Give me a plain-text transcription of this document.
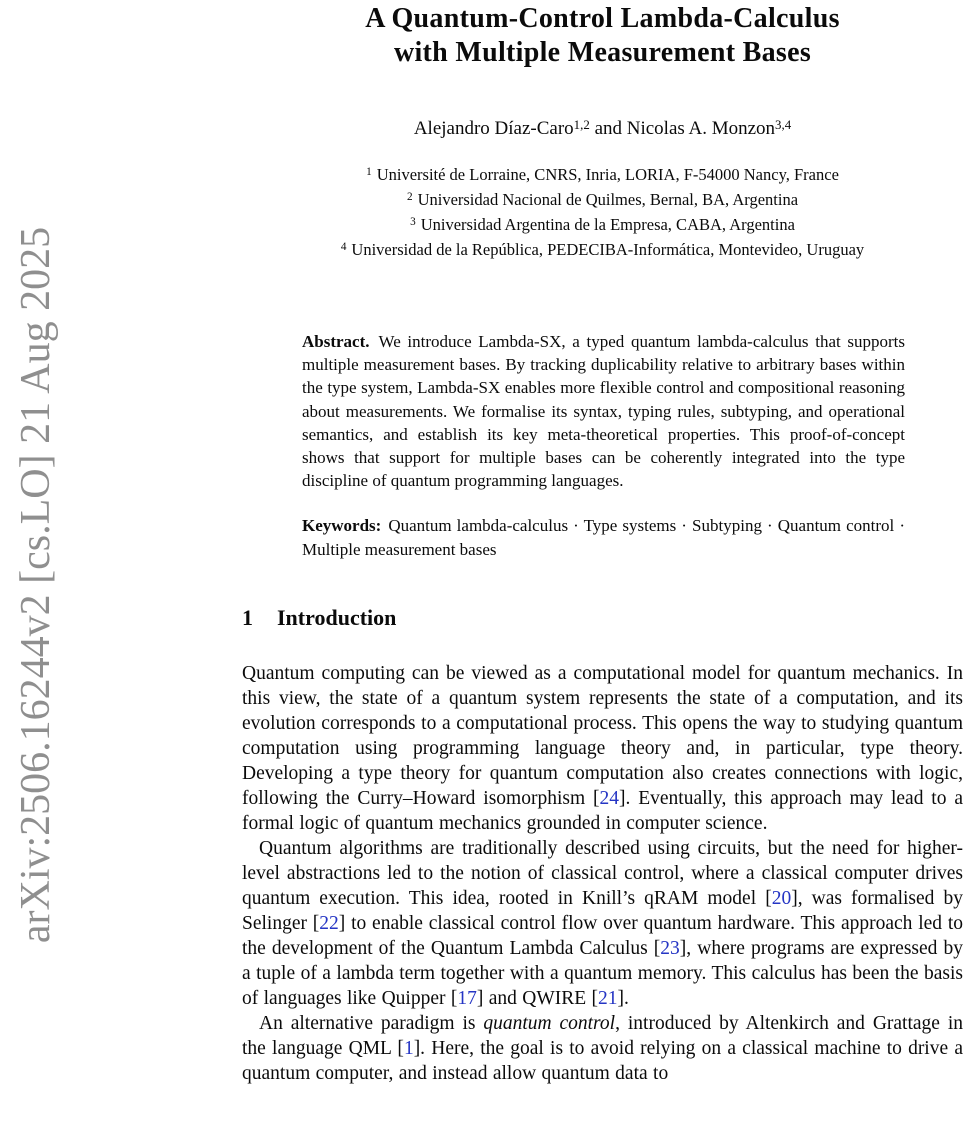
arXiv:2506.16244v2 [cs.LO] 21 Aug 2025
A Quantum-Control Lambda-Calculus
with Multiple Measurement Bases
Alejandro Díaz-Caro$^{1,2}$ and Nicolas A. Monzon$^{3,4}$
$^1$ Université de Lorraine, CNRS, Inria, LORIA, F-54000 Nancy, France
$^2$ Universidad Nacional de Quilmes, Bernal, BA, Argentina
$^3$ Universidad Argentina de la Empresa, CABA, Argentina
$^4$ Universidad de la República, PEDECIBA-Informática, Montevideo, Uruguay
Abstract. We introduce Lambda-SX, a typed quantum lambda-calculus that supports multiple measurement bases. By tracking duplicability relative to arbitrary bases within the type system, Lambda-SX enables more flexible control and compositional reasoning about measurements. We formalise its syntax, typing rules, subtyping, and operational semantics, and establish its key meta-theoretical properties. This proof-of-concept shows that support for multiple bases can be coherently integrated into the type discipline of quantum programming languages.
Keywords: Quantum lambda-calculus · Type systems · Subtyping · Quantum control · Multiple measurement bases
1 Introduction

Quantum computing can be viewed as a computational model for quantum mechanics. In this view, the state of a quantum system represents the state of a computation, and its evolution corresponds to a computational process. This opens the way to studying quantum computation using programming language theory and, in particular, type theory. Developing a type theory for quantum computation also creates connections with logic, following the Curry–Howard isomorphism [24]. Eventually, this approach may lead to a formal logic of quantum mechanics grounded in computer science.

Quantum algorithms are traditionally described using circuits, but the need for higher-level abstractions led to the notion of classical control, where a classical computer drives quantum execution. This idea, rooted in Knill’s qRAM model [20], was formalised by Selinger [22] to enable classical control flow over quantum hardware. This approach led to the development of the Quantum Lambda Calculus [23], where programs are expressed by a tuple of a lambda term together with a quantum memory. This calculus has been the basis of languages like Quipper [17] and QWIRE [21].

An alternative paradigm is quantum control, introduced by Altenkirch and Grattage in the language QML [1]. Here, the goal is to avoid relying on a classical machine to drive a quantum computer, and instead allow quantum data to
